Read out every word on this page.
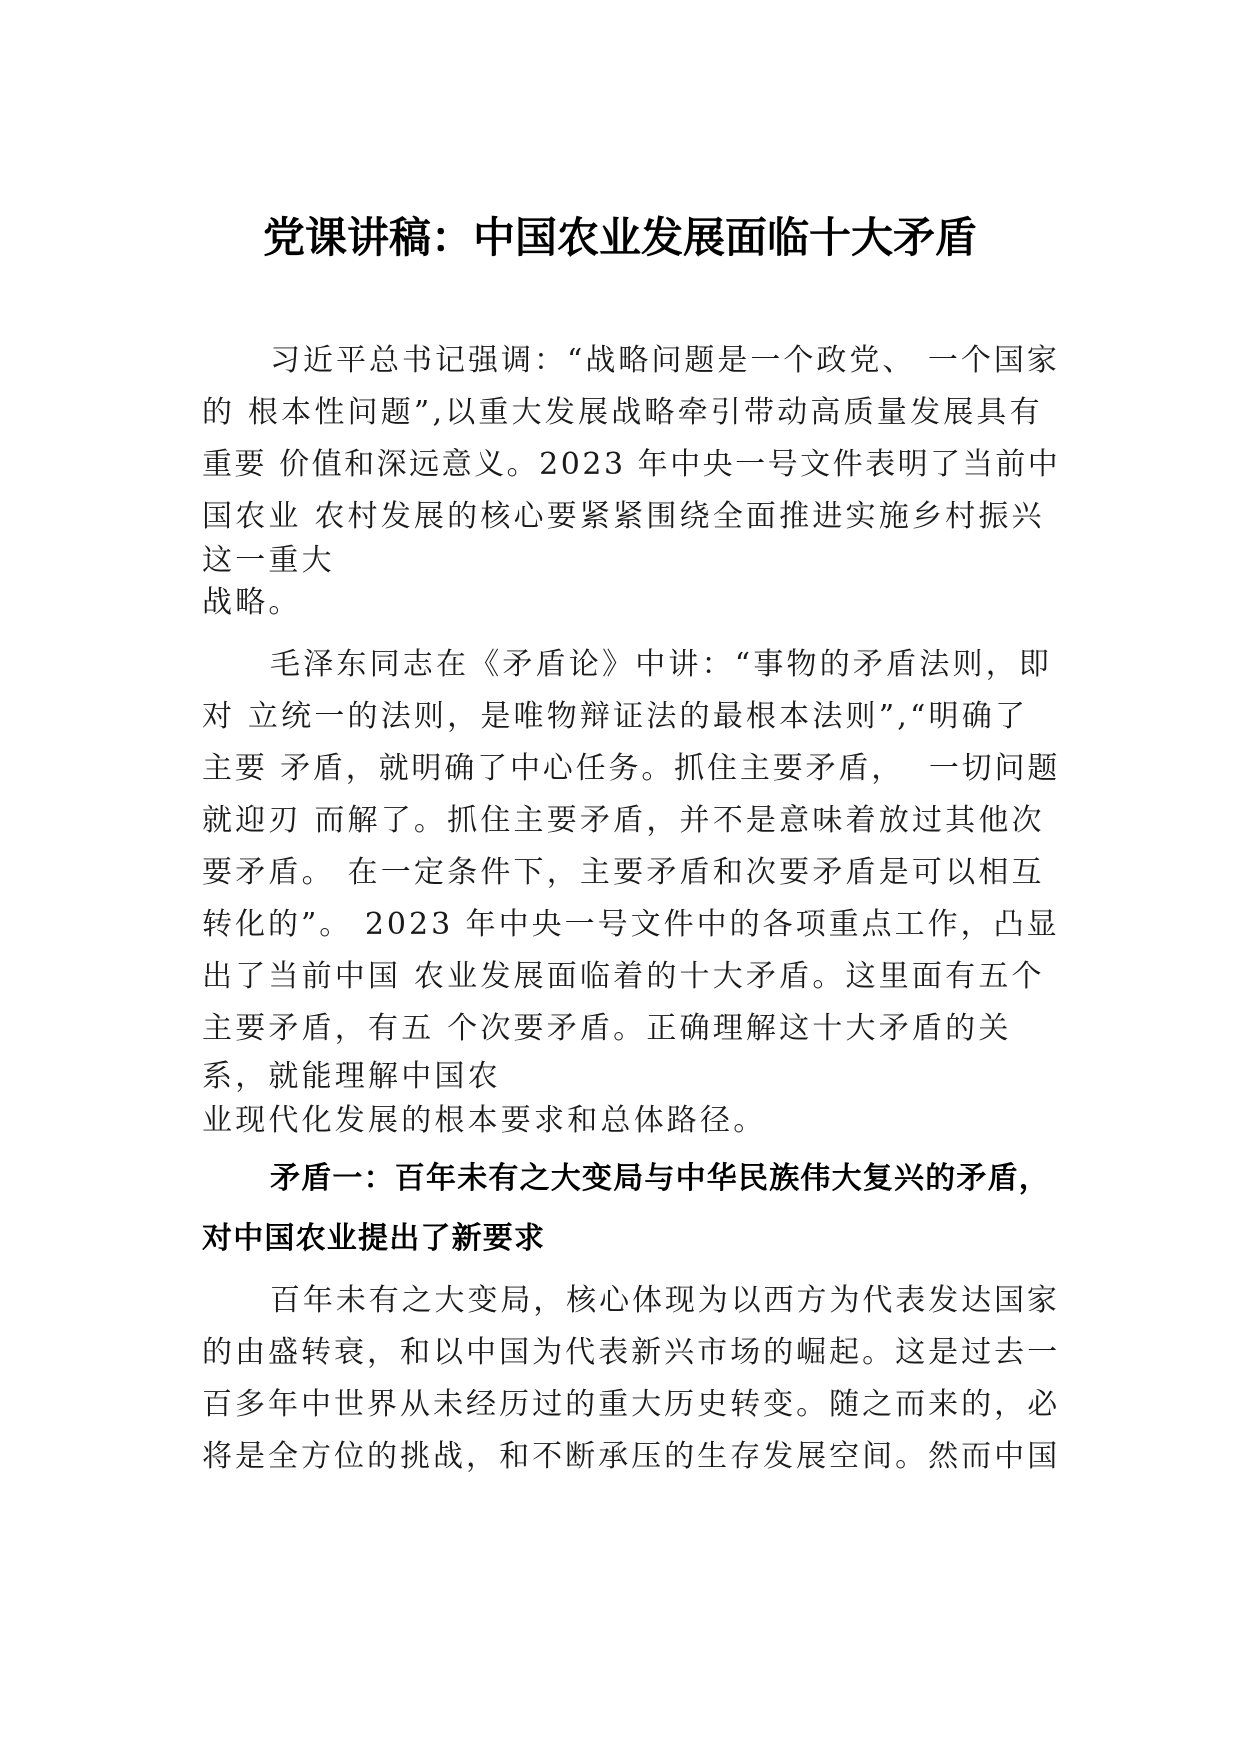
党课讲稿：中国农业发展面临十大矛盾
习近平总书记强调：“战略问题是一个政党、 一个国家
的 根本性问题”,以重大发展战略牵引带动高质量发展具有
重要 价值和深远意义。2023 年中央一号文件表明了当前中
国农业 农村发展的核心要紧紧围绕全面推进实施乡村振兴
这一重大
战略。
毛泽东同志在《矛盾论》中讲：“事物的矛盾法则，即
对 立统一的法则，是唯物辩证法的最根本法则”,“明确了
主要 矛盾，就明确了中心任务。抓住主要矛盾，  一切问题
就迎刃 而解了。抓住主要矛盾，并不是意味着放过其他次
要矛盾。 在一定条件下，主要矛盾和次要矛盾是可以相互
转化的”。 2023 年中央一号文件中的各项重点工作，凸显
出了当前中国 农业发展面临着的十大矛盾。这里面有五个
主要矛盾，有五 个次要矛盾。正确理解这十大矛盾的关
系，就能理解中国农
业现代化发展的根本要求和总体路径。
矛盾一：百年未有之大变局与中华民族伟大复兴的矛盾，
对中国农业提出了新要求
百年未有之大变局，核心体现为以西方为代表发达国家
的由盛转衰，和以中国为代表新兴市场的崛起。这是过去一
百多年中世界从未经历过的重大历史转变。随之而来的，必
将是全方位的挑战，和不断承压的生存发展空间。然而中国
